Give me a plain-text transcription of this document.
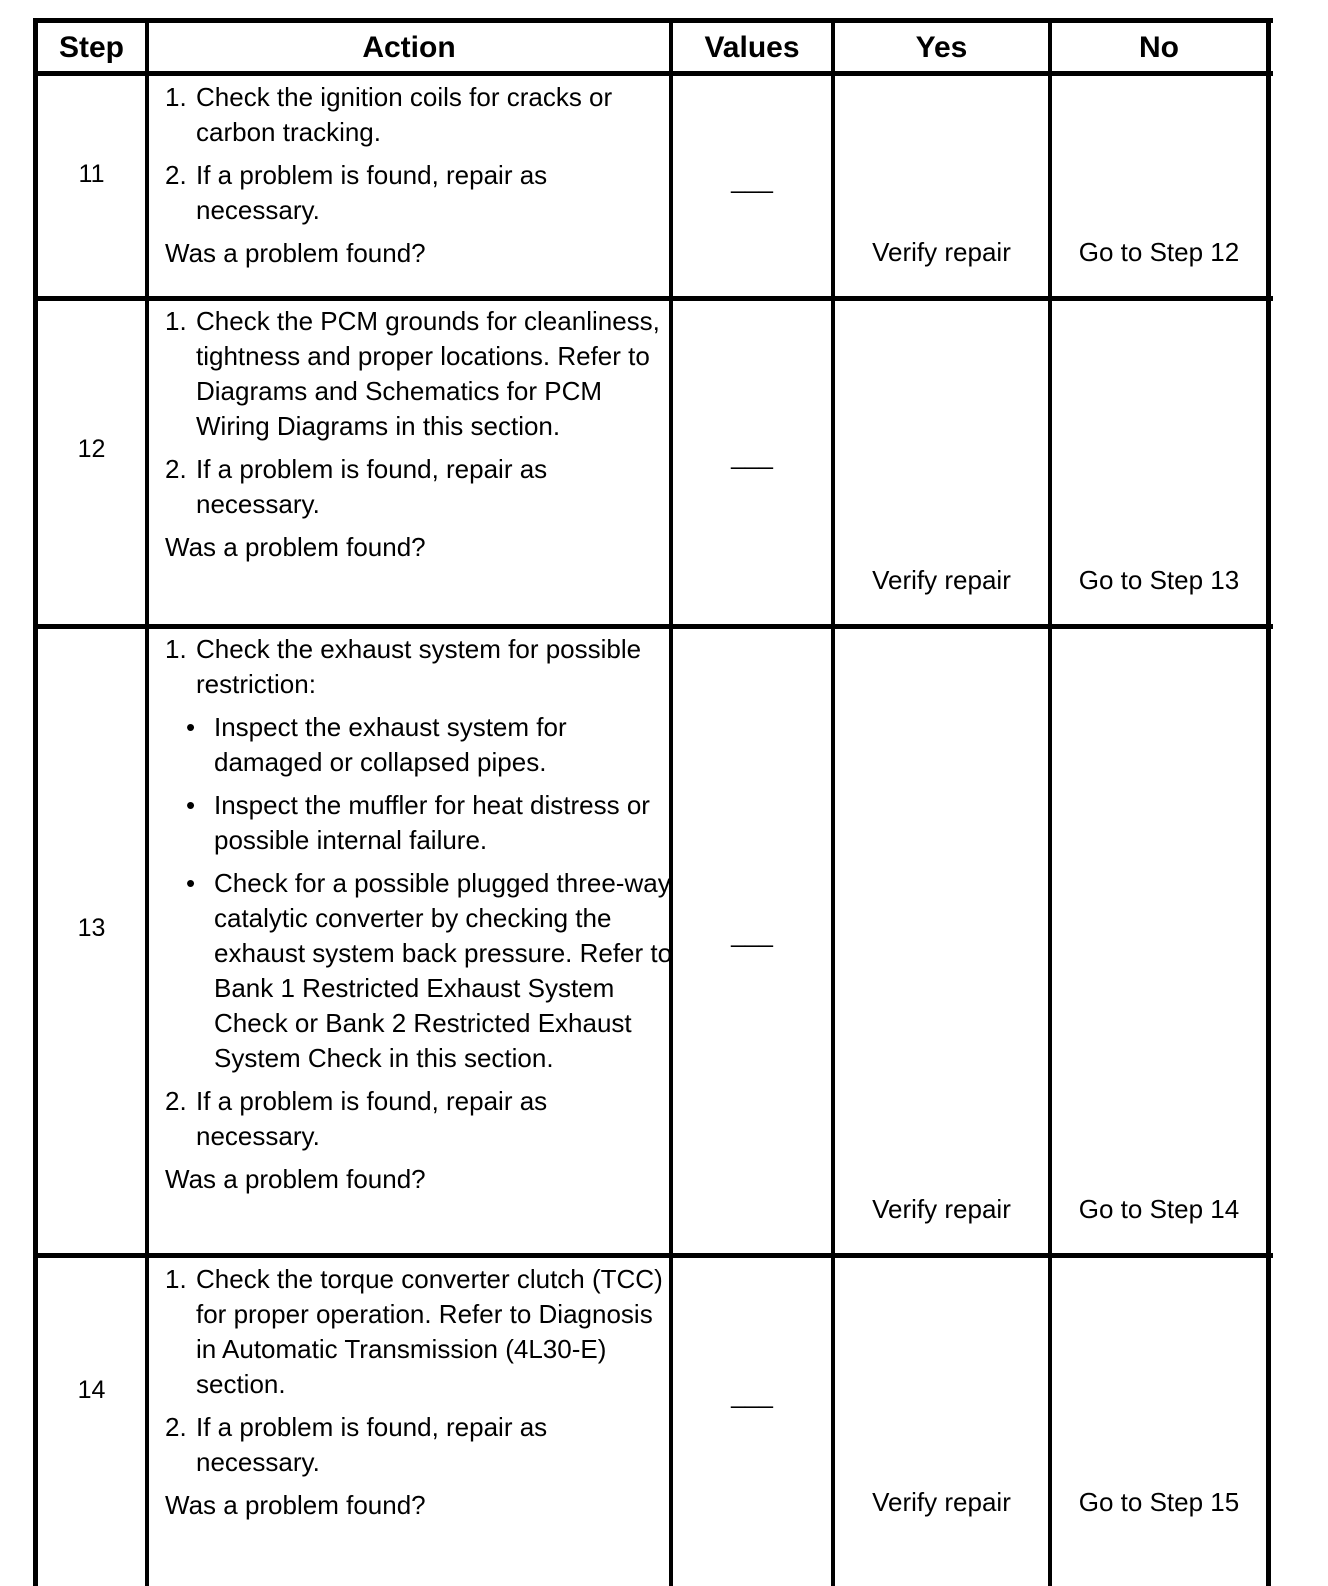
Step	Action	Values	Yes	No
11
1. Check the ignition coils for cracks or carbon tracking.
2. If a problem is found, repair as necessary.

Was a problem found?

___
Verify repair	Go to Step 12
12
1. Check the PCM grounds for cleanliness, tightness and proper locations. Refer to Diagrams and Schematics for PCM Wiring Diagrams in this section.
2. If a problem is found, repair as necessary.

Was a problem found?

___
Verify repair	Go to Step 13
13
1. Check the exhaust system for possible restriction:
• Inspect the exhaust system for damaged or collapsed pipes.
• Inspect the muffler for heat distress or possible internal failure.
• Check for a possible plugged three-way catalytic converter by checking the exhaust system back pressure. Refer to Bank 1 Restricted Exhaust System Check or Bank 2 Restricted Exhaust System Check in this section.
2. If a problem is found, repair as necessary.

Was a problem found?

___
Verify repair	Go to Step 14
14
1. Check the torque converter clutch (TCC) for proper operation. Refer to Diagnosis in Automatic Transmission (4L30-E) section.
2. If a problem is found, repair as necessary.

Was a problem found?

___
Verify repair	Go to Step 15
